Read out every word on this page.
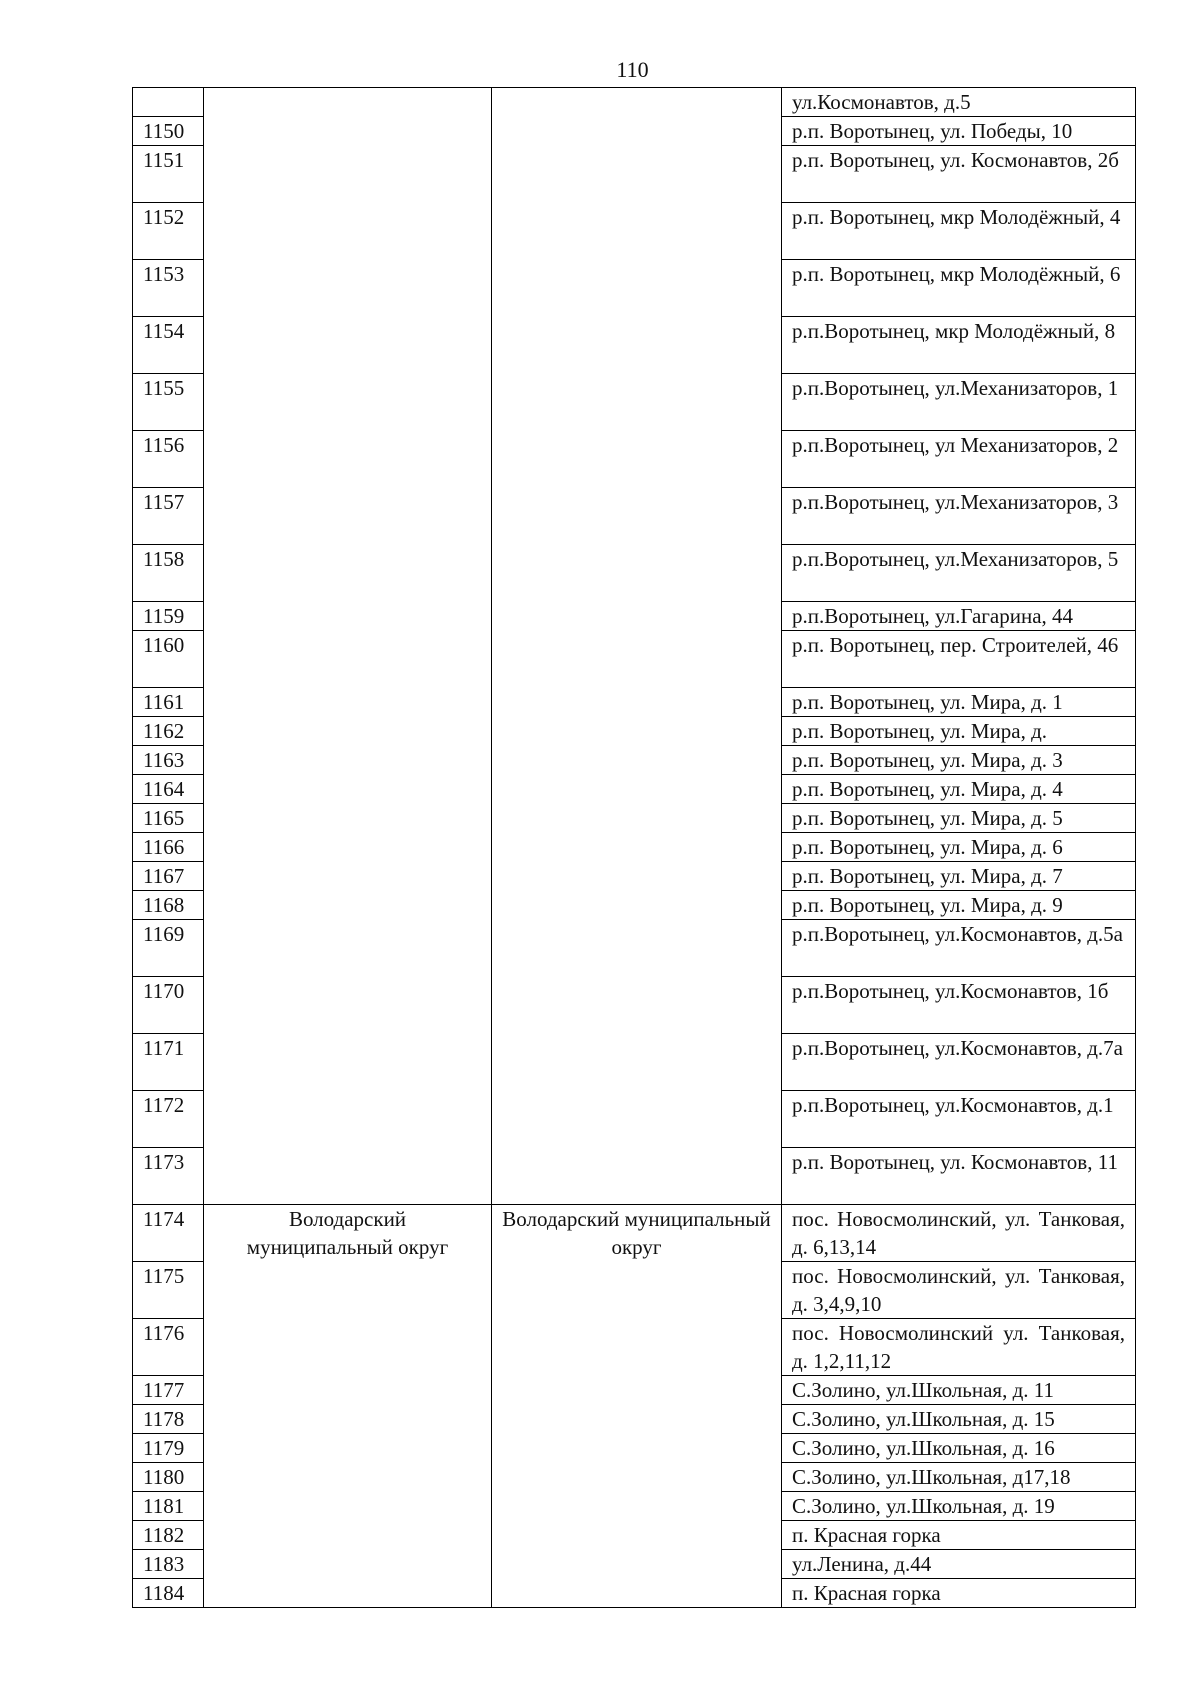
110
			ул.Космонавтов, д.5
1150			р.п. Воротынец, ул. Победы, 10
1151			р.п. Воротынец, ул. Космонавтов, 2б
1152			р.п. Воротынец, мкр Молодёжный, 4
1153			р.п. Воротынец, мкр Молодёжный, 6
1154			р.п.Воротынец, мкр Молодёжный, 8
1155			р.п.Воротынец, ул.Механизаторов, 1
1156			р.п.Воротынец, ул Механизаторов, 2
1157			р.п.Воротынец, ул.Механизаторов, 3
1158			р.п.Воротынец, ул.Механизаторов, 5
1159			р.п.Воротынец, ул.Гагарина, 44
1160			р.п. Воротынец, пер. Строителей, 46
1161			р.п. Воротынец, ул. Мира, д. 1
1162			р.п. Воротынец, ул. Мира, д.
1163			р.п. Воротынец, ул. Мира, д. 3
1164			р.п. Воротынец, ул. Мира, д. 4
1165			р.п. Воротынец, ул. Мира, д. 5
1166			р.п. Воротынец, ул. Мира, д. 6
1167			р.п. Воротынец, ул. Мира, д. 7
1168			р.п. Воротынец, ул. Мира, д. 9
1169			р.п.Воротынец, ул.Космонавтов, д.5а
1170			р.п.Воротынец, ул.Космонавтов, 1б
1171			р.п.Воротынец, ул.Космонавтов, д.7а
1172			р.п.Воротынец, ул.Космонавтов, д.1
1173			р.п. Воротынец, ул. Космонавтов, 11
1174	Володарский муниципальный округ	Володарский муниципальный округ	пос. Новосмолинский, ул. Танковая, д. 6,13,14
1175			пос. Новосмолинский, ул. Танковая, д. 3,4,9,10
1176			пос. Новосмолинский ул. Танковая, д. 1,2,11,12
1177			С.Золино, ул.Школьная, д. 11
1178			С.Золино, ул.Школьная, д. 15
1179			С.Золино, ул.Школьная, д. 16
1180			С.Золино, ул.Школьная, д17,18
1181			С.Золино, ул.Школьная, д. 19
1182			п. Красная горка
1183			ул.Ленина, д.44
1184			п. Красная горка
